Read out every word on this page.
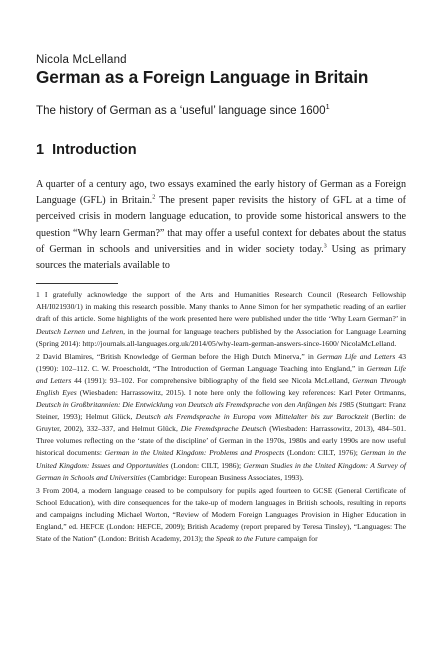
Nicola McLelland
German as a Foreign Language in Britain
The history of German as a ‘useful’ language since 1600$^1$
1 Introduction

A quarter of a century ago, two essays examined the early history of German as a Foreign Language (GFL) in Britain.$^2$ The present paper revisits the history of GFL at a time of perceived crisis in modern language education, to provide some historical answers to the question “Why learn German?” that may offer a useful context for debates about the status of German in schools and universities and in wider society today.$^3$ Using as primary sources the materials available to

1 I gratefully acknowledge the support of the Arts and Humanities Research Council (Research Fellowship AH/I021930/1) in making this research possible. Many thanks to Anne Simon for her sympathetic reading of an earlier draft of this article. Some highlights of the work presented here were published under the title ‘Why Learn German?’ in Deutsch Lernen und Lehren, in the journal for language teachers published by the Association for Language Learning (Spring 2014): http://journals.all-languages.org.uk/2014/05/why-learn-german-answers-since-1600/ NicolaMcLelland.

2 David Blamires, “British Knowledge of German before the High Dutch Minerva,” in German Life and Letters 43 (1990): 102–112. C. W. Proescholdt, “The Introduction of German Language Teaching into England,” in German Life and Letters 44 (1991): 93–102. For comprehensive bibliography of the field see Nicola McLelland, German Through English Eyes (Wiesbaden: Harrassowitz, 2015). I note here only the following key references: Karl Peter Ortmanns, Deutsch in Großbritannien: Die Entwicklung von Deutsch als Fremdsprache von den Anfängen bis 1985 (Stuttgart: Franz Steiner, 1993); Helmut Glück, Deutsch als Fremdsprache in Europa vom Mittelalter bis zur Barockzeit (Berlin: de Gruyter, 2002), 332–337, and Helmut Glück, Die Fremdsprache Deutsch (Wiesbaden: Harrassowitz, 2013), 484–501. Three volumes reflecting on the ‘state of the discipline’ of German in the 1970s, 1980s and early 1990s are now useful historical documents: German in the United Kingdom: Problems and Prospects (London: CILT, 1976); German in the United Kingdom: Issues and Opportunities (London: CILT, 1986); German Studies in the United Kingdom: A Survey of German in Schools and Universities (Cambridge: European Business Associates, 1993).

3 From 2004, a modern language ceased to be compulsory for pupils aged fourteen to GCSE (General Certificate of School Education), with dire consequences for the take-up of modern languages in British schools, resulting in reports and campaigns including Michael Worton, “Review of Modern Foreign Languages Provision in Higher Education in England,” ed. HEFCE (London: HEFCE, 2009); British Academy (report prepared by Teresa Tinsley), “Languages: The State of the Nation” (London: British Academy, 2013); the Speak to the Future campaign for
